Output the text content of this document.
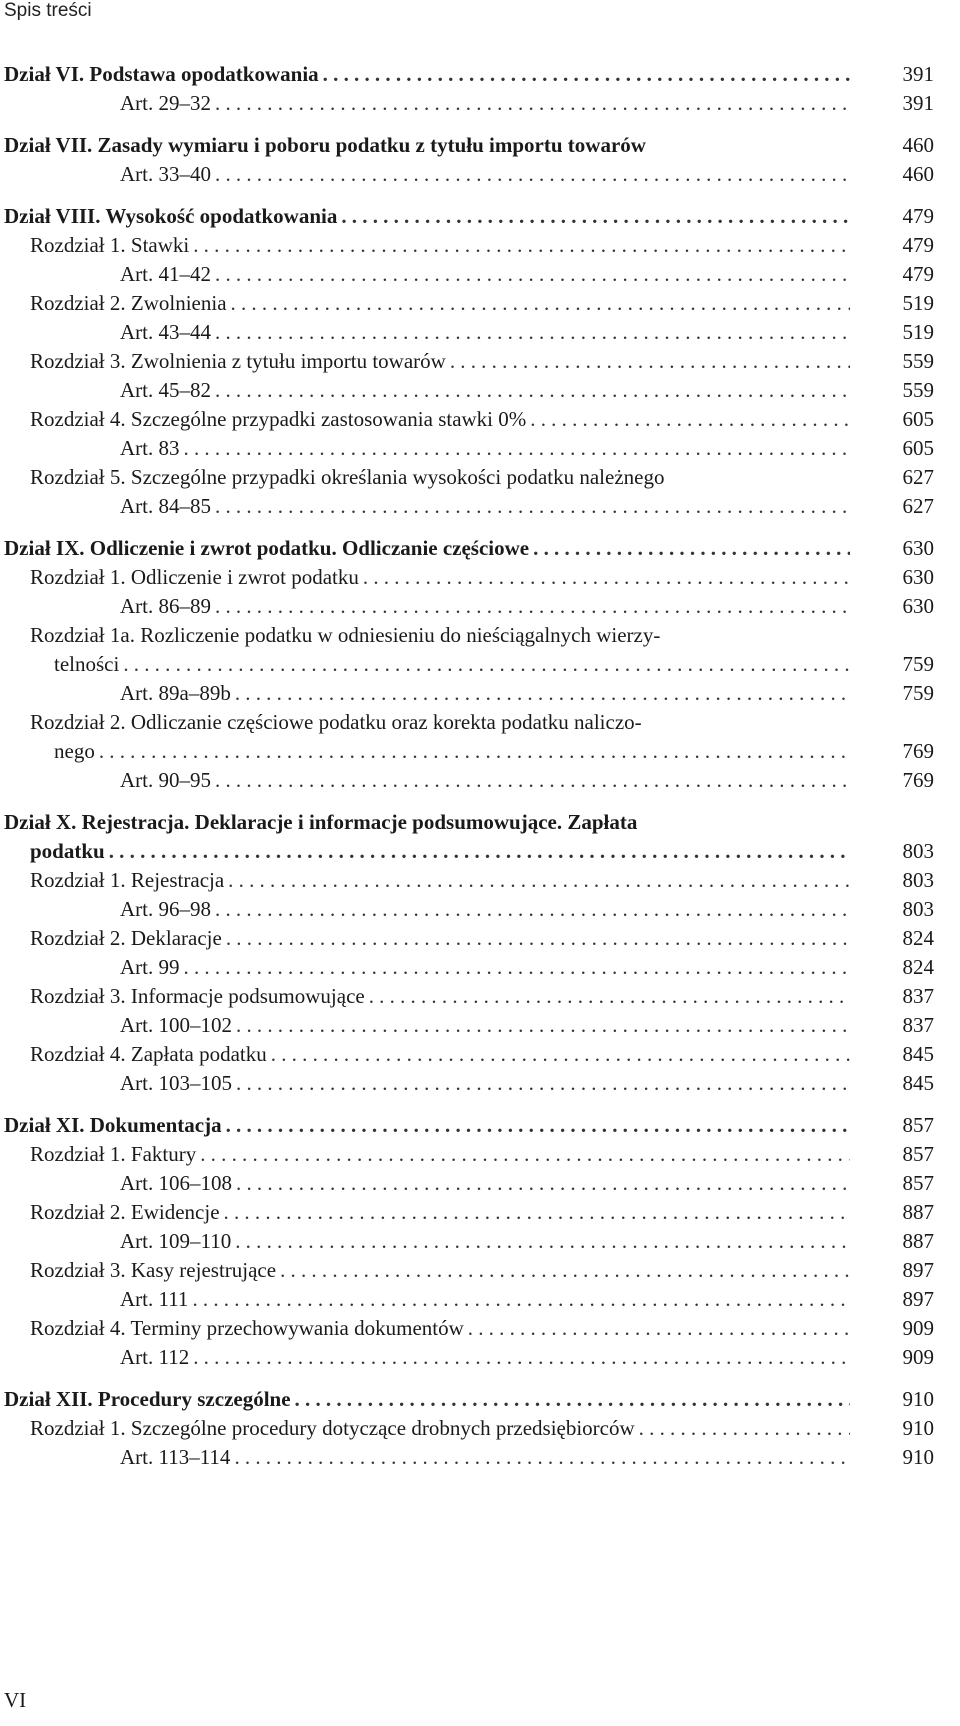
Spis treści
Dział VI. Podstawa opodatkowania .....	391
Art. 29–32 .....	391
Dział VII. Zasady wymiaru i poboru podatku z tytułu importu towarów	460
Art. 33–40 .....	460
Dział VIII. Wysokość opodatkowania .....	479
Rozdział 1. Stawki .....	479
Art. 41–42 .....	479
Rozdział 2. Zwolnienia .....	519
Art. 43–44 .....	519
Rozdział 3. Zwolnienia z tytułu importu towarów .....	559
Art. 45–82 .....	559
Rozdział 4. Szczególne przypadki zastosowania stawki 0% .....	605
Art. 83 .....	605
Rozdział 5. Szczególne przypadki określania wysokości podatku należnego	627
Art. 84–85 .....	627
Dział IX. Odliczenie i zwrot podatku. Odliczanie częściowe .....	630
Rozdział 1. Odliczenie i zwrot podatku .....	630
Art. 86–89 .....	630
Rozdział 1a. Rozliczenie podatku w odniesieniu do nieściągalnych wierzy-
telności .....	759
Art. 89a–89b .....	759
Rozdział 2. Odliczanie częściowe podatku oraz korekta podatku naliczo-
nego .....	769
Art. 90–95 .....	769
Dział X. Rejestracja. Deklaracje i informacje podsumowujące. Zapłata
podatku .....	803
Rozdział 1. Rejestracja .....	803
Art. 96–98 .....	803
Rozdział 2. Deklaracje .....	824
Art. 99 .....	824
Rozdział 3. Informacje podsumowujące .....	837
Art. 100–102 .....	837
Rozdział 4. Zapłata podatku .....	845
Art. 103–105 .....	845
Dział XI. Dokumentacja .....	857
Rozdział 1. Faktury .....	857
Art. 106–108 .....	857
Rozdział 2. Ewidencje .....	887
Art. 109–110 .....	887
Rozdział 3. Kasy rejestrujące .....	897
Art. 111 .....	897
Rozdział 4. Terminy przechowywania dokumentów .....	909
Art. 112 .....	909
Dział XII. Procedury szczególne .....	910
Rozdział 1. Szczególne procedury dotyczące drobnych przedsiębiorców .....	910
Art. 113–114 .....	910
VI
